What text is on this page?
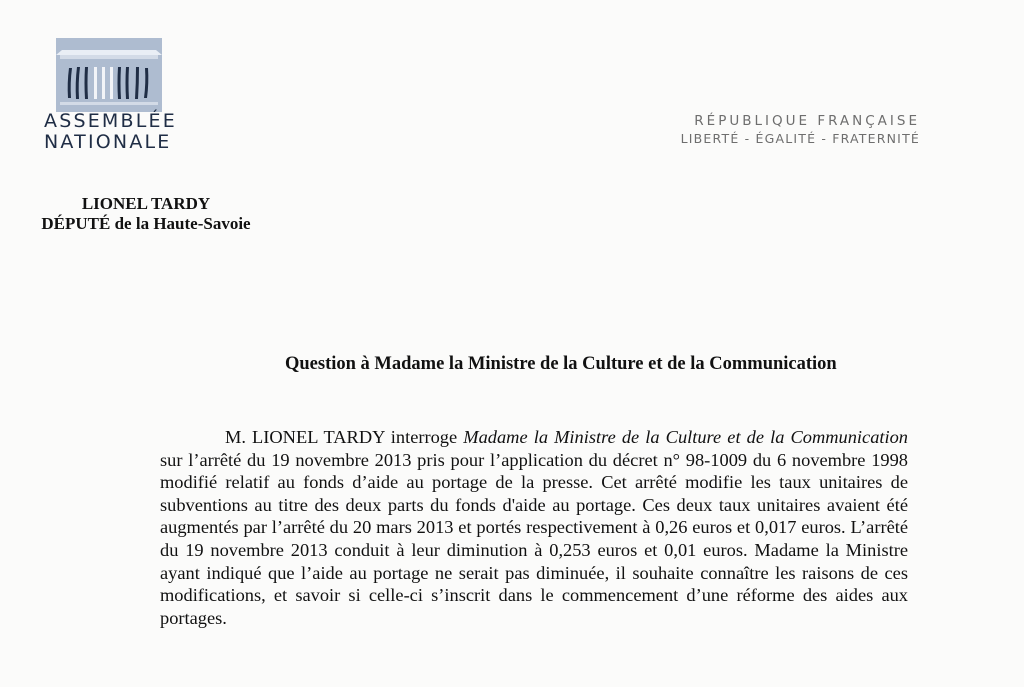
ASSEMBLÉE
NATIONALE
RÉPUBLIQUE FRANÇAISE
LIBERTÉ - ÉGALITÉ - FRATERNITÉ
LIONEL TARDY
DÉPUTÉ de la Haute-Savoie
Question à Madame la Ministre de la Culture et de la Communication
M. LIONEL TARDY interroge Madame la Ministre de la Culture et de la Communication sur l’arrêté du 19 novembre 2013 pris pour l’application du décret n° 98-1009 du 6 novembre 1998 modifié relatif au fonds d’aide au portage de la presse. Cet arrêté modifie les taux unitaires de subventions au titre des deux parts du fonds d'aide au portage. Ces deux taux unitaires avaient été augmentés par l’arrêté du 20 mars 2013 et portés respectivement à 0,26 euros et 0,017 euros. L’arrêté du 19 novembre 2013 conduit à leur diminution à 0,253 euros et 0,01 euros. Madame la Ministre ayant indiqué que l’aide au portage ne serait pas diminuée, il souhaite connaître les raisons de ces modifications, et savoir si celle-ci s’inscrit dans le commencement d’une réforme des aides aux portages.
